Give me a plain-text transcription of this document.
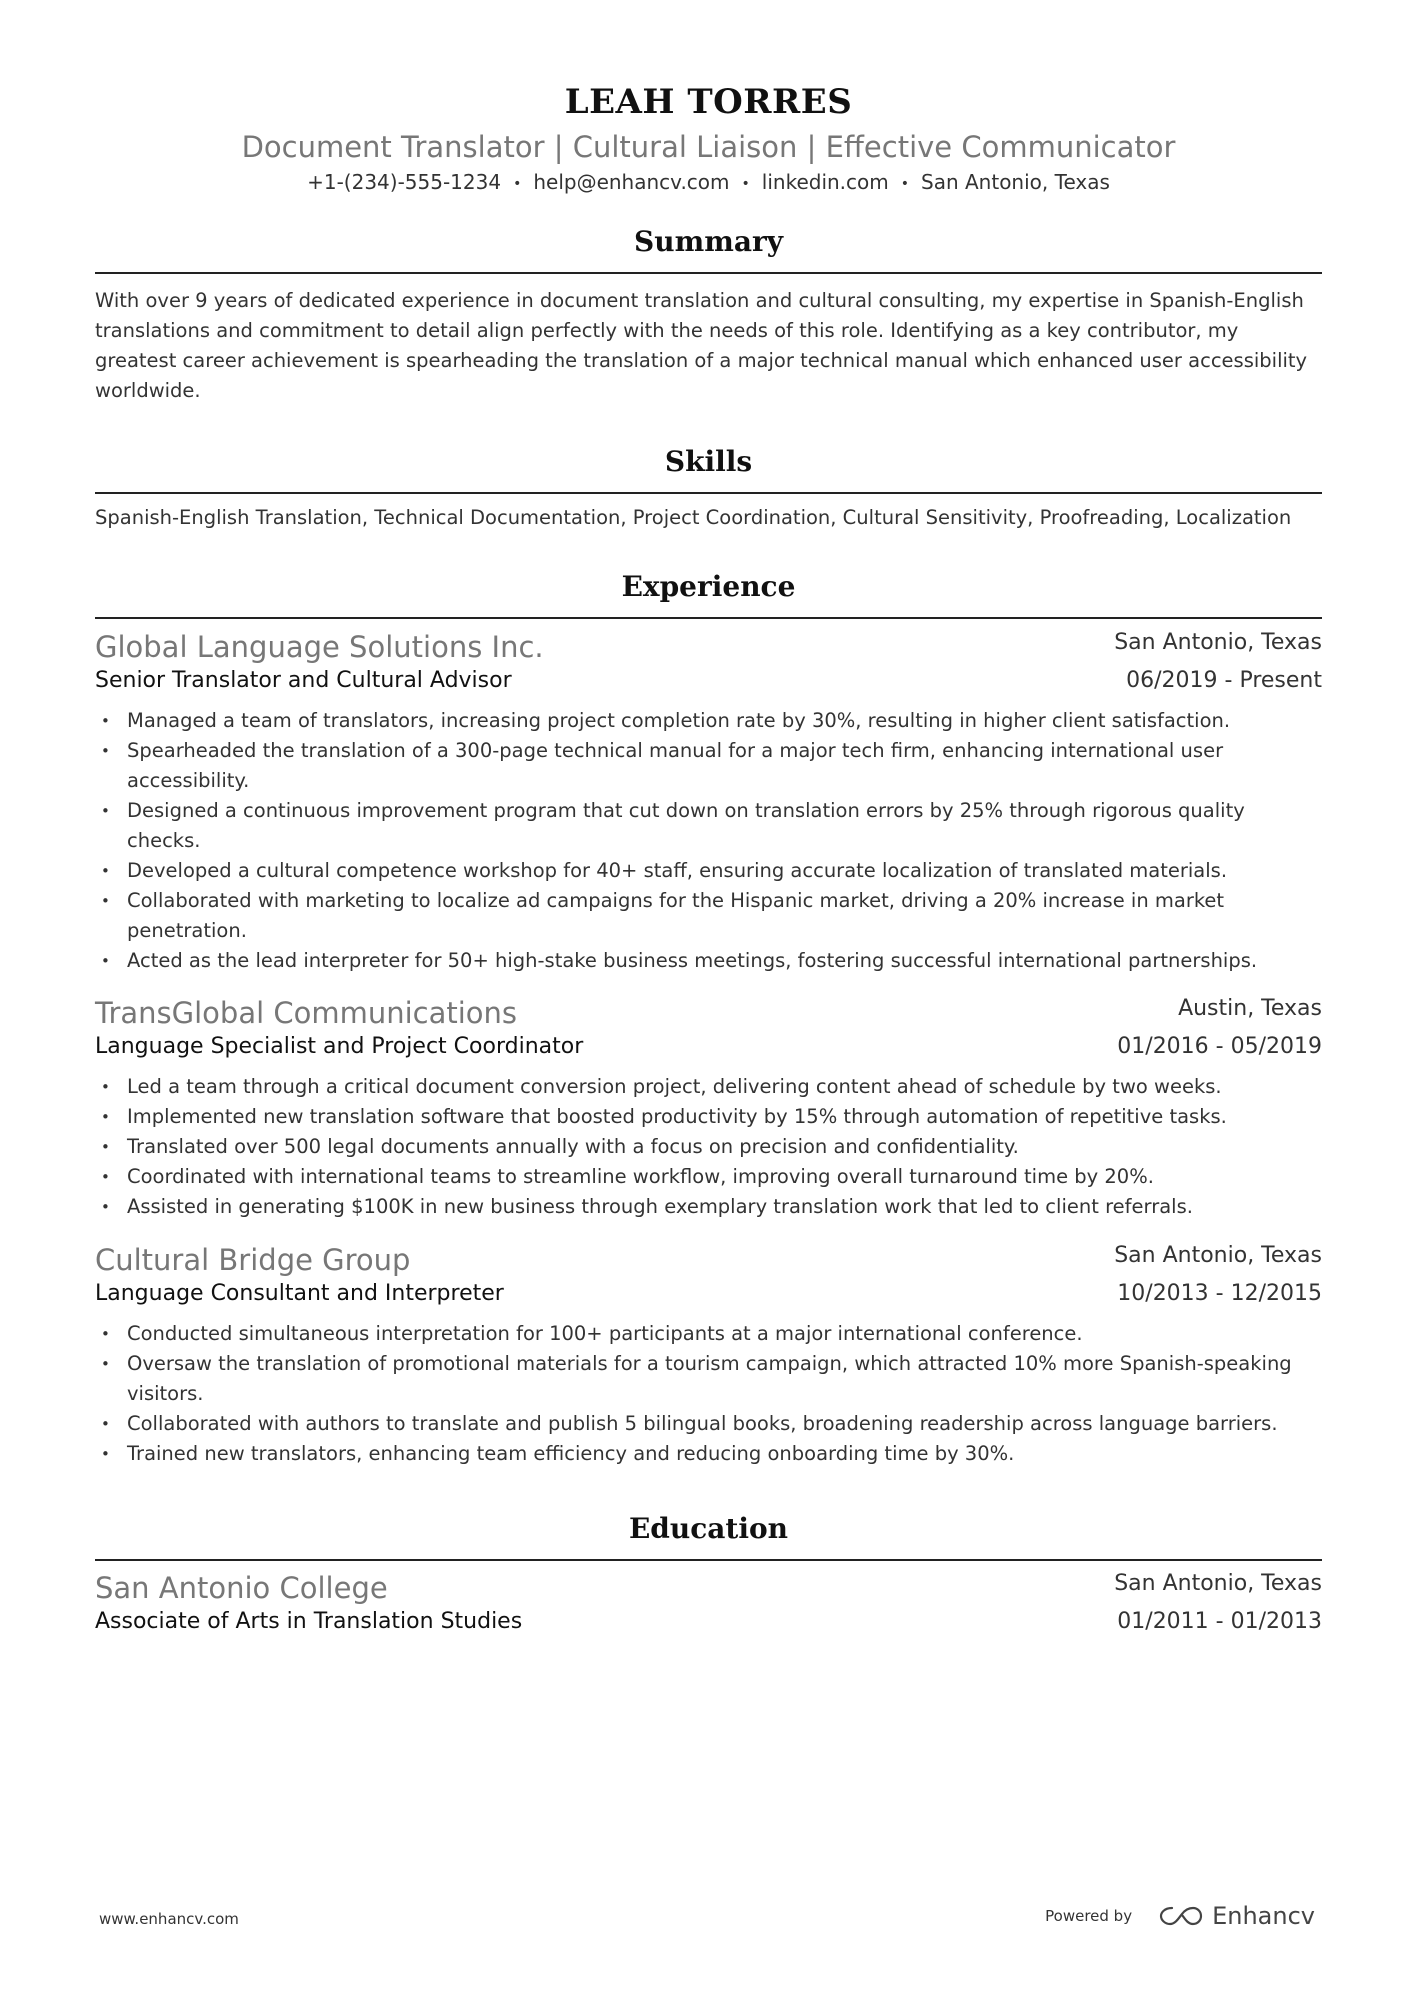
LEAH TORRES
Document Translator | Cultural Liaison | Effective Communicator
+1-(234)-555-1234 • help@enhancv.com • linkedin.com • San Antonio, Texas
Summary

With over 9 years of dedicated experience in document translation and cultural consulting, my expertise in Spanish-English translations and commitment to detail align perfectly with the needs of this role. Identifying as a key contributor, my greatest career achievement is spearheading the translation of a major technical manual which enhanced user accessibility worldwide.

Skills

Spanish-English Translation, Technical Documentation, Project Coordination, Cultural Sensitivity, Proofreading, Localization

Experience
Global Language Solutions Inc.	San Antonio, Texas
Senior Translator and Cultural Advisor	06/2019 - Present
• Managed a team of translators, increasing project completion rate by 30%, resulting in higher client satisfaction.
• Spearheaded the translation of a 300-page technical manual for a major tech firm, enhancing international user accessibility.
• Designed a continuous improvement program that cut down on translation errors by 25% through rigorous quality checks.
• Developed a cultural competence workshop for 40+ staff, ensuring accurate localization of translated materials.
• Collaborated with marketing to localize ad campaigns for the Hispanic market, driving a 20% increase in market penetration.
• Acted as the lead interpreter for 50+ high-stake business meetings, fostering successful international partnerships.
TransGlobal Communications	Austin, Texas
Language Specialist and Project Coordinator	01/2016 - 05/2019
• Led a team through a critical document conversion project, delivering content ahead of schedule by two weeks.
• Implemented new translation software that boosted productivity by 15% through automation of repetitive tasks.
• Translated over 500 legal documents annually with a focus on precision and confidentiality.
• Coordinated with international teams to streamline workflow, improving overall turnaround time by 20%.
• Assisted in generating $100K in new business through exemplary translation work that led to client referrals.
Cultural Bridge Group	San Antonio, Texas
Language Consultant and Interpreter	10/2013 - 12/2015
• Conducted simultaneous interpretation for 100+ participants at a major international conference.
• Oversaw the translation of promotional materials for a tourism campaign, which attracted 10% more Spanish-speaking visitors.
• Collaborated with authors to translate and publish 5 bilingual books, broadening readership across language barriers.
• Trained new translators, enhancing team efficiency and reducing onboarding time by 30%.
Education
San Antonio College	San Antonio, Texas
Associate of Arts in Translation Studies	01/2011 - 01/2013
www.enhancv.com	Powered by	Enhancv
